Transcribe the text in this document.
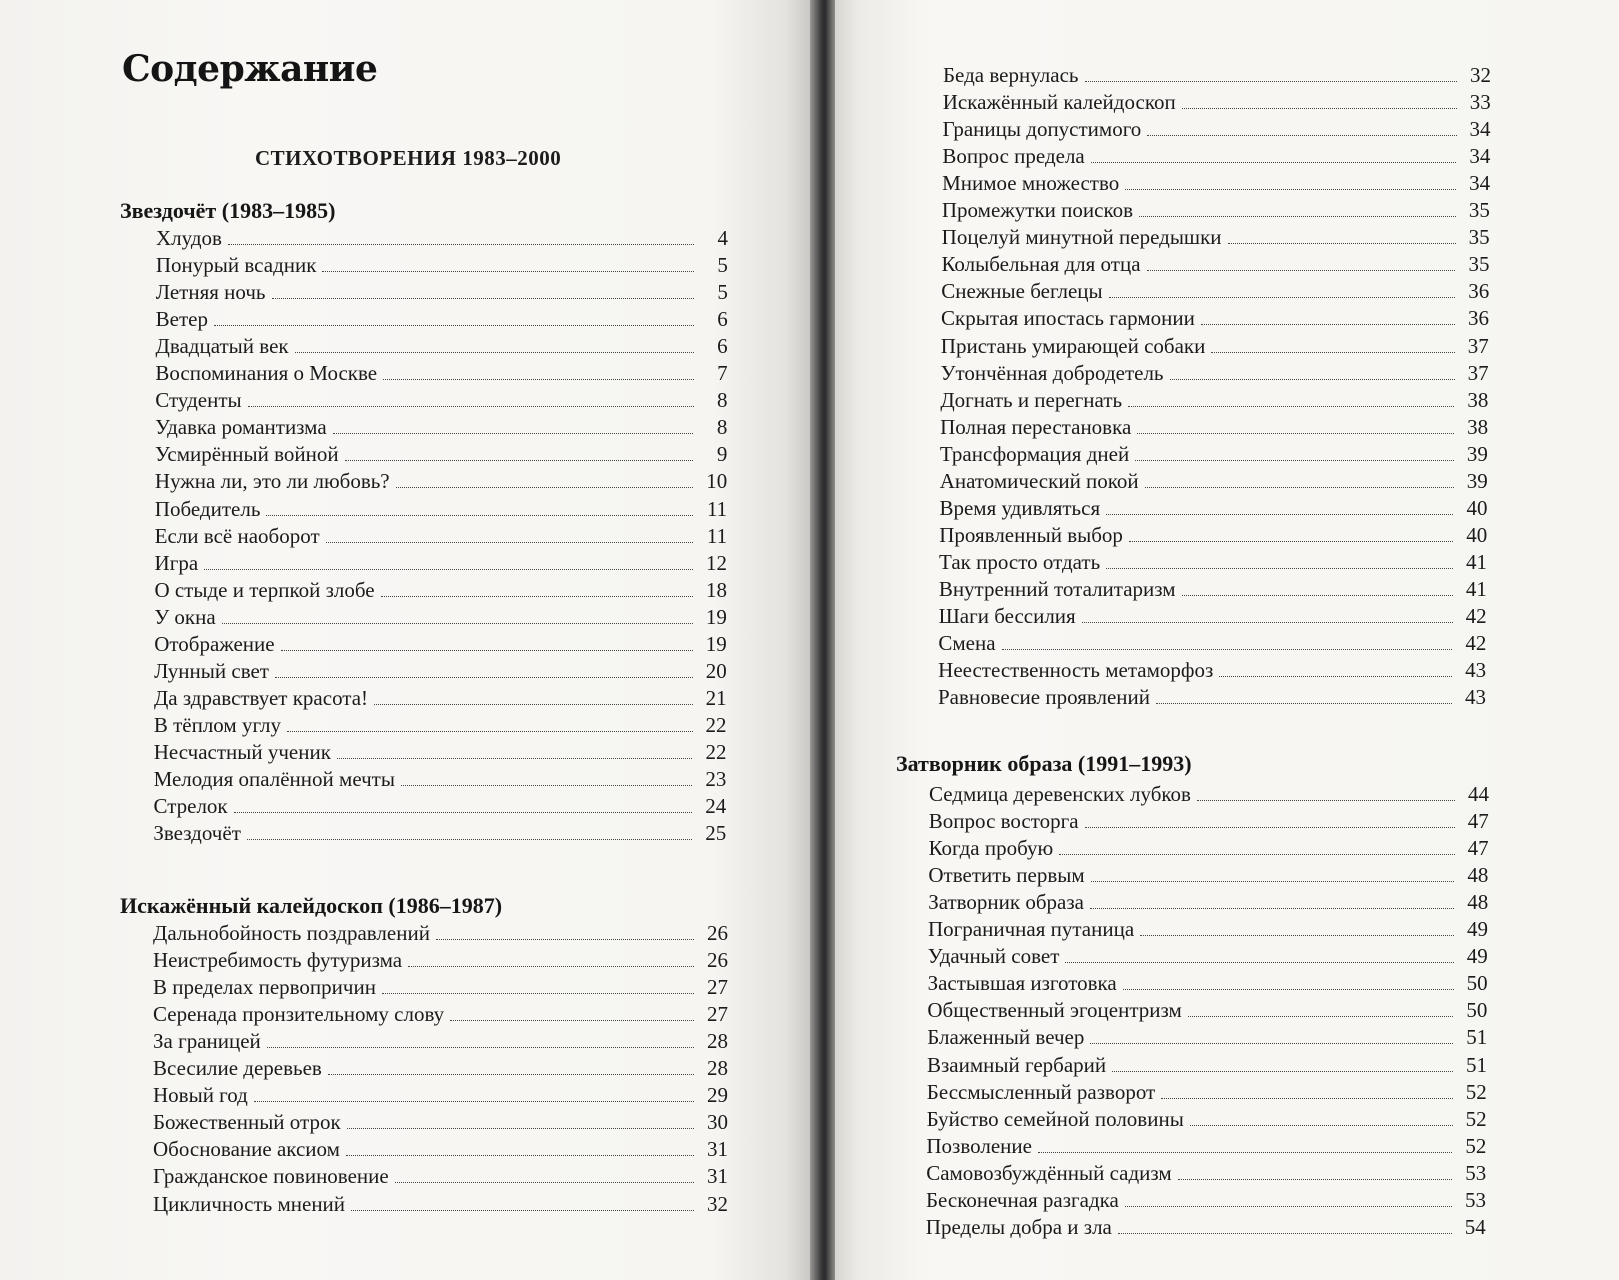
Содержание
СТИХОТВОРЕНИЯ 1983–2000
Звездочёт (1983–1985)
Хлудов	4
Понурый всадник	5
Летняя ночь	5
Ветер	6
Двадцатый век	6
Воспоминания о Москве	7
Студенты	8
Удавка романтизма	8
Усмирённый войной	9
Нужна ли, это ли любовь?	10
Победитель	11
Если всё наоборот	11
Игра	12
О стыде и терпкой злобе	18
У окна	19
Отображение	19
Лунный свет	20
Да здравствует красота!	21
В тёплом углу	22
Несчастный ученик	22
Мелодия опалённой мечты	23
Стрелок	24
Звездочёт	25
Искажённый калейдоскоп (1986–1987)
Дальнобойность поздравлений	26
Неистребимость футуризма	26
В пределах первопричин	27
Серенада пронзительному слову	27
За границей	28
Всесилие деревьев	28
Новый год	29
Божественный отрок	30
Обоснование аксиом	31
Гражданское повиновение	31
Цикличность мнений	32
Беда вернулась	32
Искажённый калейдоскоп	33
Границы допустимого	34
Вопрос предела	34
Мнимое множество	34
Промежутки поисков	35
Поцелуй минутной передышки	35
Колыбельная для отца	35
Снежные беглецы	36
Скрытая ипостась гармонии	36
Пристань умирающей собаки	37
Утончённая добродетель	37
Догнать и перегнать	38
Полная перестановка	38
Трансформация дней	39
Анатомический покой	39
Время удивляться	40
Проявленный выбор	40
Так просто отдать	41
Внутренний тоталитаризм	41
Шаги бессилия	42
Смена	42
Неестественность метаморфоз	43
Равновесие проявлений	43
Затворник образа (1991–1993)
Седмица деревенских лубков	44
Вопрос восторга	47
Когда пробую	47
Ответить первым	48
Затворник образа	48
Пограничная путаница	49
Удачный совет	49
Застывшая изготовка	50
Общественный эгоцентризм	50
Блаженный вечер	51
Взаимный гербарий	51
Бессмысленный разворот	52
Буйство семейной половины	52
Позволение	52
Самовозбуждённый садизм	53
Бесконечная разгадка	53
Пределы добра и зла	54
